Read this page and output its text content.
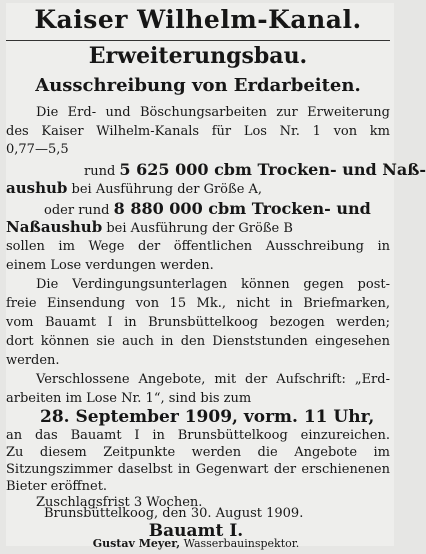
Kaiser Wilhelm-Kanal.
Erweiterungsbau.
Ausschreibung von Erdarbeiten.
Die Erd- und Böschungsarbeiten zur Erweiterung
des Kaiser Wilhelm-Kanals für Los Nr. 1 von km
0,77—5,5
rund 5 625 000 cbm Trocken- und Naß-
aushub bei Ausführung der Größe A,
oder rund 8 880 000 cbm Trocken- und
Naßaushub bei Ausführung der Größe B
sollen im Wege der öffentlichen Ausschreibung in
einem Lose verdungen werden.
Die Verdingungsunterlagen können gegen post-
freie Einsendung von 15 Mk., nicht in Briefmarken,
vom Bauamt I in Brunsbüttelkoog bezogen werden;
dort können sie auch in den Dienststunden eingesehen
werden.
Verschlossene Angebote, mit der Aufschrift: „Erd-
arbeiten im Lose Nr. 1“, sind bis zum
28. September 1909, vorm. 11 Uhr,
an das Bauamt I in Brunsbüttelkoog einzureichen.
Zu diesem Zeitpunkte werden die Angebote im
Sitzungszimmer daselbst in Gegenwart der erschienenen
Bieter eröffnet.
Zuschlagsfrist 3 Wochen.
Brunsbüttelkoog, den 30. August 1909.
Bauamt I.
Gustav Meyer, Wasserbauinspektor.
